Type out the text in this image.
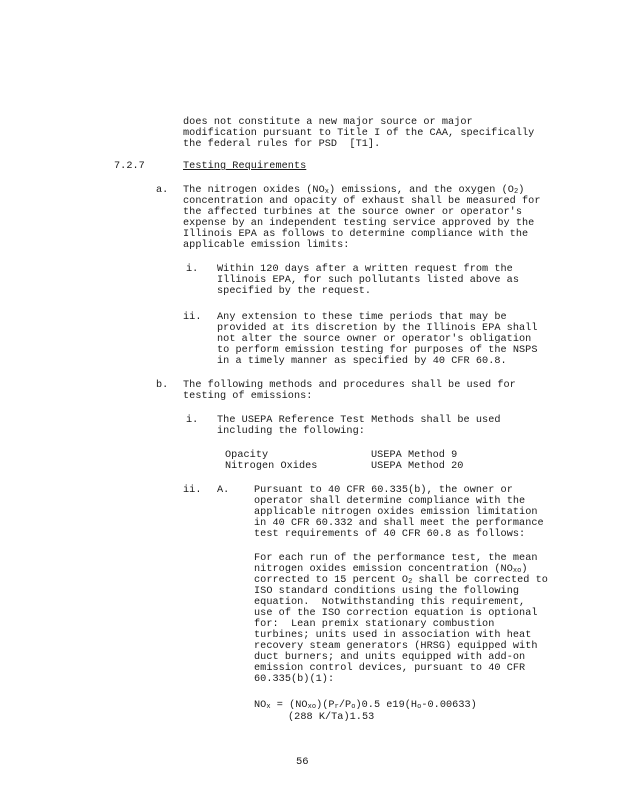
does not constitute a new major source or major
modification pursuant to Title I of the CAA, specifically
the federal rules for PSD  [T1].
7.2.7	Testing Requirements
a. The nitrogen oxides $(NO_x)$ emissions, and the oxygen $(O_2)$
concentration and opacity of exhaust shall be measured for
the affected turbines at the source owner or operator's
expense by an independent testing service approved by the
Illinois EPA as follows to determine compliance with the
applicable emission limits:
i. Within 120 days after a written request from the
Illinois EPA, for such pollutants listed above as
specified by the request.
ii. Any extension to these time periods that may be
provided at its discretion by the Illinois EPA shall
not alter the source owner or operator's obligation
to perform emission testing for purposes of the NSPS
in a timely manner as specified by 40 CFR 60.8.
b. The following methods and procedures shall be used for
testing of emissions:
i. The USEPA Reference Test Methods shall be used
including the following:
Opacity	USEPA Method 9
Nitrogen Oxides	USEPA Method 20
ii. A. Pursuant to 40 CFR 60.335(b), the owner or
operator shall determine compliance with the
applicable nitrogen oxides emission limitation
in 40 CFR 60.332 and shall meet the performance
test requirements of 40 CFR 60.8 as follows:
For each run of the performance test, the mean
nitrogen oxides emission concentration $(NO_{xo})$
corrected to 15 percent $O_2$ shall be corrected to
ISO standard conditions using the following
equation.  Notwithstanding this requirement,
use of the ISO correction equation is optional
for:  Lean premix stationary combustion
turbines; units used in association with heat
recovery steam generators (HRSG) equipped with
duct burners; and units equipped with add-on
emission control devices, pursuant to 40 CFR
60.335(b)(1):
$NO_x = (NO_{xo})(P_r/P_o)0.5$ $e19(H_o-0.00633)$
(288 K/Ta)1.53
56
